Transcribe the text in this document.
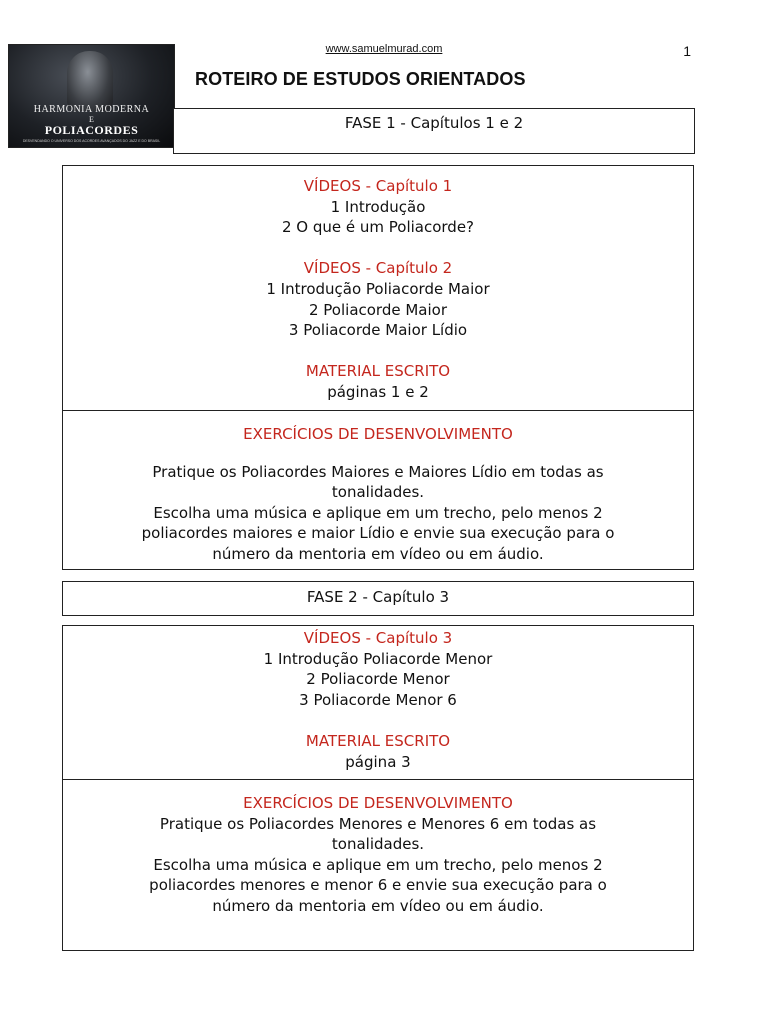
HARMONIA MODERNA
E
POLIACORDES
DESVENDANDO O UNIVERSO DOS ACORDES AVANÇADOS DO JAZZ E DO BRASIL
www.samuelmurad.com	1
ROTEIRO DE ESTUDOS ORIENTADOS
FASE 1 - Capítulos 1 e 2
VÍDEOS - Capítulo 1
1 Introdução
2 O que é um Poliacorde?
VÍDEOS - Capítulo 2
1 Introdução Poliacorde Maior
2 Poliacorde Maior
3 Poliacorde Maior Lídio
MATERIAL ESCRITO
páginas 1 e 2
EXERCÍCIOS DE DESENVOLVIMENTO
Pratique os Poliacordes Maiores e Maiores Lídio em todas as
tonalidades.
Escolha uma música e aplique em um trecho, pelo menos 2
poliacordes maiores e maior Lídio e envie sua execução para o
número da mentoria em vídeo ou em áudio.
FASE 2 - Capítulo 3
VÍDEOS - Capítulo 3
1 Introdução Poliacorde Menor
2 Poliacorde Menor
3 Poliacorde Menor 6
MATERIAL ESCRITO
página 3
EXERCÍCIOS DE DESENVOLVIMENTO
Pratique os Poliacordes Menores e Menores 6 em todas as
tonalidades.
Escolha uma música e aplique em um trecho, pelo menos 2
poliacordes menores e menor 6 e envie sua execução para o
número da mentoria em vídeo ou em áudio.
